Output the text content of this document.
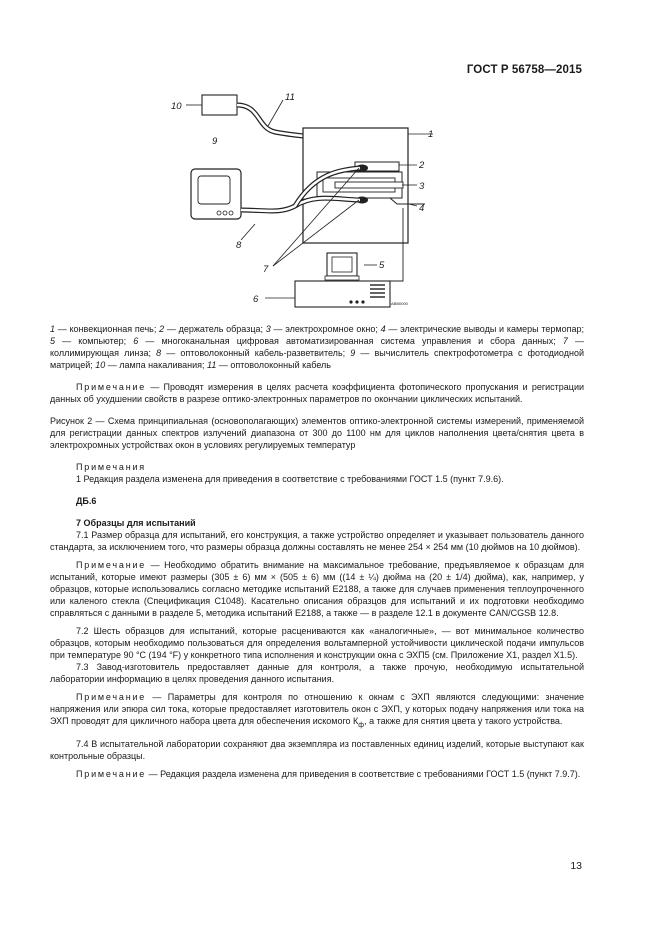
ГОСТ Р 56758—2015
10
11
1
2
3
4
9
8
7	5
6	АВВ0000

1 — конвекционная печь; 2 — держатель образца; 3 — электрохромное окно; 4 — электрические выводы и камеры термопар; 5 — компьютер; 6 — многоканальная цифровая автоматизированная система управления и сбора данных; 7 — коллимирующая линза; 8 — оптоволоконный кабель-разветвитель; 9 — вычислитель спектрофотометра с фотодиодной матрицей; 10 — лампа накаливания; 11 — оптоволоконный кабель

Примечание — Проводят измерения в целях расчета коэффициента фотопического пропускания и регистрации данных об ухудшении свойств в разрезе оптико-электронных параметров по окончании циклических испытаний.

Рисунок 2 — Схема принципиальная (основополагающих) элементов оптико-электронной системы измерений, применяемой для регистрации данных спектров излучений диапазона от 300 до 1100 нм для циклов наполнения цвета/снятия цвета в электрохромных устройствах окон в условиях регулируемых температур

Примечания

1 Редакция раздела изменена для приведения в соответствие с требованиями ГОСТ 1.5 (пункт 7.9.6).

ДБ.6

7 Образцы для испытаний

7.1 Размер образца для испытаний, его конструкция, а также устройство определяет и указывает пользователь данного стандарта, за исключением того, что размеры образца должны составлять не менее 254 × 254 мм (10 дюймов на 10 дюймов).

Примечание — Необходимо обратить внимание на максимальное требование, предъявляемое к образцам для испытаний, которые имеют размеры (305 ± 6) мм × (505 ± 6) мм ((14 ± ¼) дюйма на (20 ± 1/4) дюйма), как, например, у образцов, которые использовались согласно методике испытаний Е2188, а также для случаев применения теплоупроченного или каленого стекла (Спецификация С1048). Касательно описания образцов для испытаний и их подготовки необходимо справляться с данными в разделе 5, методика испытаний Е2188, а также — в разделе 12.1 в документе CAN/CGSB 12.8.

7.2 Шесть образцов для испытаний, которые расцениваются как «аналогичные», — вот минимальное количество образцов, которым необходимо пользоваться для определения вольтамперной устойчивости циклической подачи импульсов при температуре 90 °С (194 °F) у конкретного типа исполнения и конструкции окна с ЭХП5 (см. Приложение X1, раздел X1.5).

7.3 Завод-изготовитель предоставляет данные для контроля, а также прочую, необходимую испытательной лаборатории информацию в целях проведения данного испытания.

Примечание — Параметры для контроля по отношению к окнам с ЭХП являются следующими: значение напряжения или эпюра сил тока, которые предоставляет изготовитель окон с ЭХП, у которых подачу напряжения или тока на ЭХП проводят для цикличного набора цвета для обеспечения искомого $К_ф$, а также для снятия цвета у такого устройства.

7.4 В испытательной лаборатории сохраняют два экземпляра из поставленных единиц изделий, которые выступают как контрольные образцы.

Примечание — Редакция раздела изменена для приведения в соответствие с требованиями ГОСТ 1.5 (пункт 7.9.7).

13
